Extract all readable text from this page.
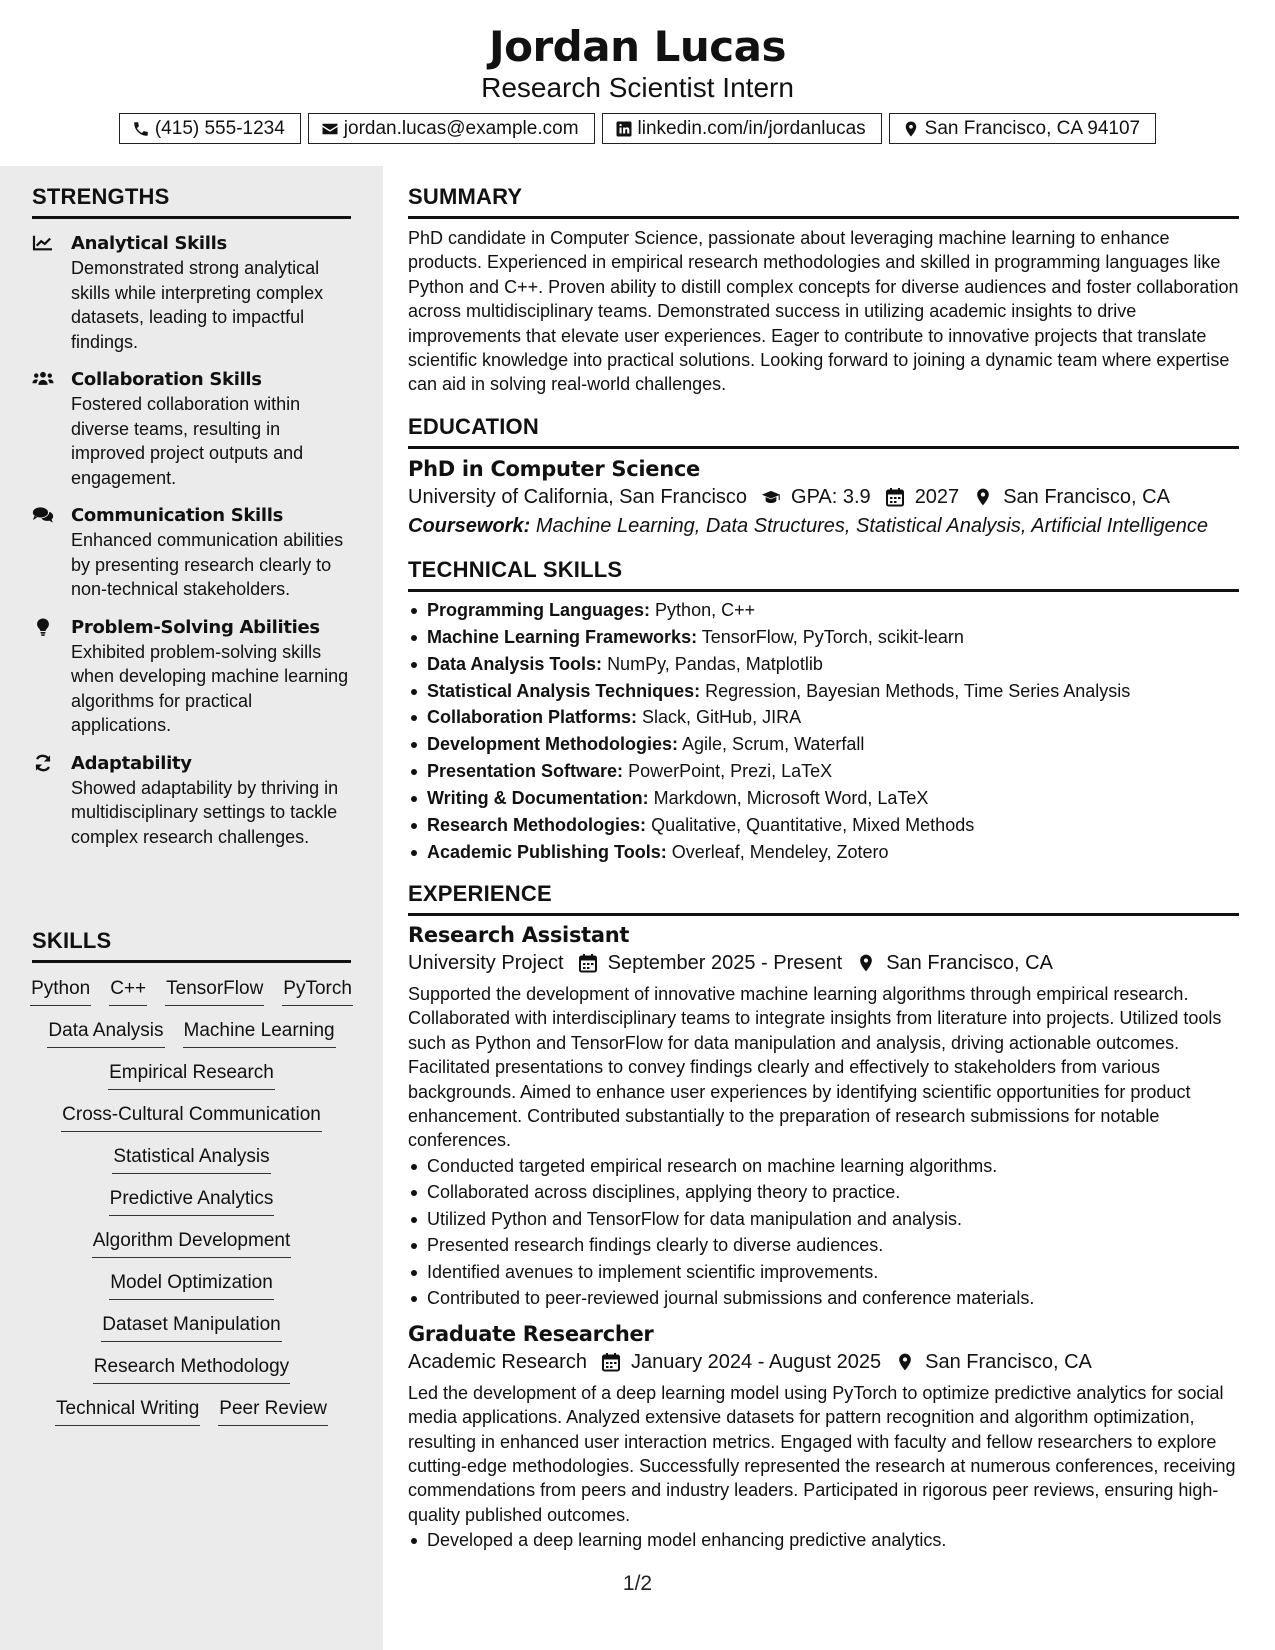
Jordan Lucas
Research Scientist Intern
(415) 555-1234	jordan.lucas@example.com	linkedin.com/in/jordanlucas	San Francisco, CA 94107
STRENGTHS
Analytical Skills
Demonstrated strong analytical skills while interpreting complex datasets, leading to impactful findings.
Collaboration Skills
Fostered collaboration within diverse teams, resulting in improved project outputs and engagement.
Communication Skills
Enhanced communication abilities by presenting research clearly to non-technical stakeholders.
Problem-Solving Abilities
Exhibited problem-solving skills when developing machine learning algorithms for practical applications.
Adaptability
Showed adaptability by thriving in multidisciplinary settings to tackle complex research challenges.
SKILLS
Python C++ TensorFlow PyTorch
Data Analysis Machine Learning
Empirical Research
Cross-Cultural Communication
Statistical Analysis
Predictive Analytics
Algorithm Development
Model Optimization
Dataset Manipulation
Research Methodology
Technical Writing Peer Review
SUMMARY
PhD candidate in Computer Science, passionate about leveraging machine learning to enhance products. Experienced in empirical research methodologies and skilled in programming languages like Python and C++. Proven ability to distill complex concepts for diverse audiences and foster collaboration across multidisciplinary teams. Demonstrated success in utilizing academic insights to drive improvements that elevate user experiences. Eager to contribute to innovative projects that translate scientific knowledge into practical solutions. Looking forward to joining a dynamic team where expertise can aid in solving real-world challenges.
EDUCATION
PhD in Computer Science
University of California, San Francisco GPA: 3.9 2027 San Francisco, CA
Coursework: Machine Learning, Data Structures, Statistical Analysis, Artificial Intelligence
TECHNICAL SKILLS
Programming Languages: Python, C++
Machine Learning Frameworks: TensorFlow, PyTorch, scikit-learn
Data Analysis Tools: NumPy, Pandas, Matplotlib
Statistical Analysis Techniques: Regression, Bayesian Methods, Time Series Analysis
Collaboration Platforms: Slack, GitHub, JIRA
Development Methodologies: Agile, Scrum, Waterfall
Presentation Software: PowerPoint, Prezi, LaTeX
Writing & Documentation: Markdown, Microsoft Word, LaTeX
Research Methodologies: Qualitative, Quantitative, Mixed Methods
Academic Publishing Tools: Overleaf, Mendeley, Zotero
EXPERIENCE
Research Assistant
University Project September 2025 - Present San Francisco, CA
Supported the development of innovative machine learning algorithms through empirical research. Collaborated with interdisciplinary teams to integrate insights from literature into projects. Utilized tools such as Python and TensorFlow for data manipulation and analysis, driving actionable outcomes. Facilitated presentations to convey findings clearly and effectively to stakeholders from various backgrounds. Aimed to enhance user experiences by identifying scientific opportunities for product enhancement. Contributed substantially to the preparation of research submissions for notable conferences.
Conducted targeted empirical research on machine learning algorithms.
Collaborated across disciplines, applying theory to practice.
Utilized Python and TensorFlow for data manipulation and analysis.
Presented research findings clearly to diverse audiences.
Identified avenues to implement scientific improvements.
Contributed to peer-reviewed journal submissions and conference materials.
Graduate Researcher
Academic Research January 2024 - August 2025 San Francisco, CA
Led the development of a deep learning model using PyTorch to optimize predictive analytics for social media applications. Analyzed extensive datasets for pattern recognition and algorithm optimization, resulting in enhanced user interaction metrics. Engaged with faculty and fellow researchers to explore cutting-edge methodologies. Successfully represented the research at numerous conferences, receiving commendations from peers and industry leaders. Participated in rigorous peer reviews, ensuring high-quality published outcomes.
Developed a deep learning model enhancing predictive analytics.
1/2
